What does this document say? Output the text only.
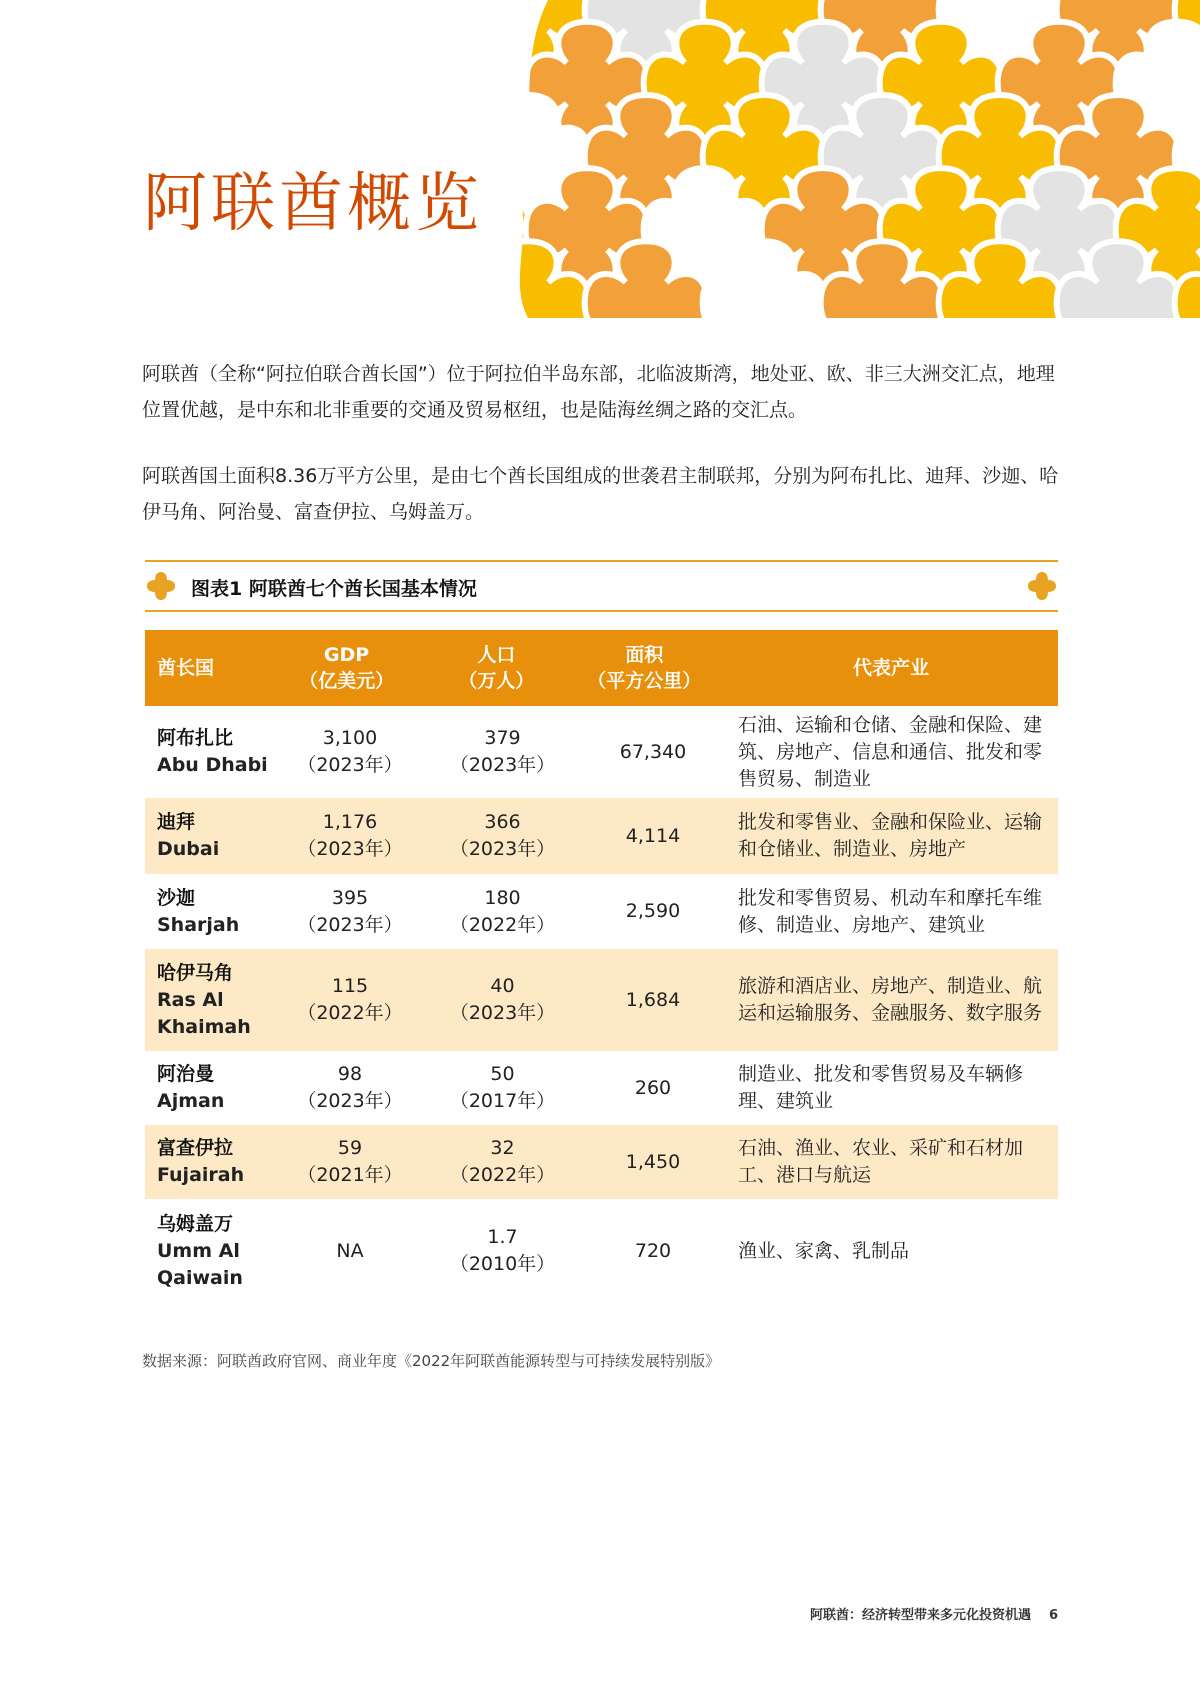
阿联酋概览

阿联酋（全称“阿拉伯联合酋长国”）位于阿拉伯半岛东部，北临波斯湾，地处亚、欧、非三大洲交汇点，地理位置优越，是中东和北非重要的交通及贸易枢纽，也是陆海丝绸之路的交汇点。

阿联酋国土面积8.36万平方公里，是由七个酋长国组成的世袭君主制联邦，分别为阿布扎比、迪拜、沙迦、哈伊马角、阿治曼、富查伊拉、乌姆盖万。

图表1 阿联酋七个酋长国基本情况
酋长国
GDP
（亿美元）
人口
（万人）
面积
（平方公里）
代表产业
阿布扎比
Abu Dhabi
3,100
（2023年）
379
（2023年）
67,340
石油、运输和仓储、金融和保险、建筑、房地产、信息和通信、批发和零售贸易、制造业
迪拜
Dubai
1,176
（2023年）
366
（2023年）
4,114
批发和零售业、金融和保险业、运输和仓储业、制造业、房地产
沙迦
Sharjah
395
（2023年）
180
（2022年）
2,590
批发和零售贸易、机动车和摩托车维修、制造业、房地产、建筑业
哈伊马角
Ras Al Khaimah
115
（2022年）
40
（2023年）
1,684
旅游和酒店业、房地产、制造业、航运和运输服务、金融服务、数字服务
阿治曼
Ajman
98
（2023年）
50
（2017年）
260
制造业、批发和零售贸易及车辆修理、建筑业
富查伊拉
Fujairah
59
（2021年）
32
（2022年）
1,450
石油、渔业、农业、采矿和石材加工、港口与航运
乌姆盖万
Umm Al Qaiwain
NA
1.7
（2010年）
720	渔业、家禽、乳制品

数据来源：阿联酋政府官网、商业年度《2022年阿联酋能源转型与可持续发展特别版》

阿联酋：经济转型带来多元化投资机遇 6
